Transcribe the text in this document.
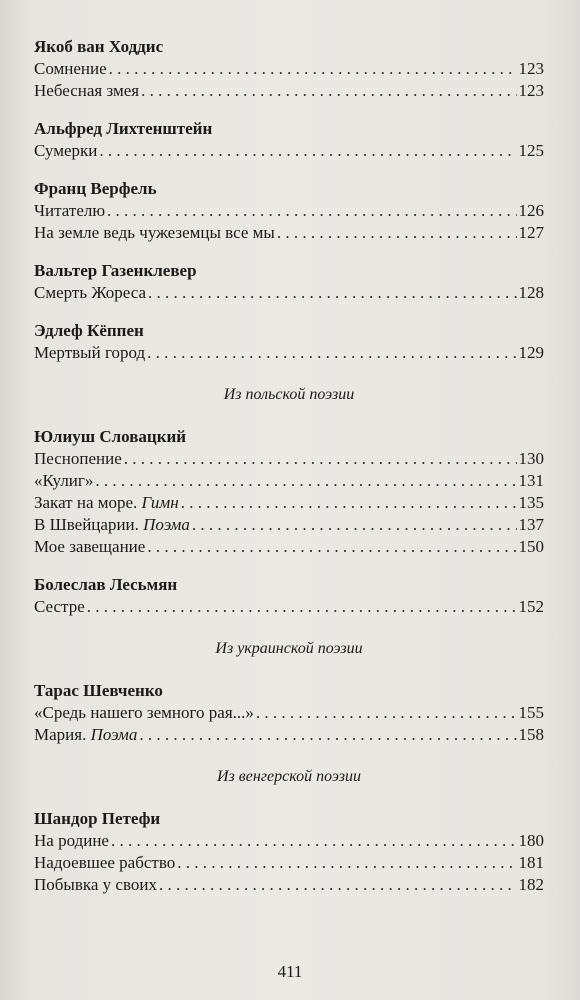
Якоб ван Ходдис
Сомнение . . .	123
Небесная змея . . .	123
Альфред Лихтенштейн
Сумерки . . .	125
Франц Верфель
Читателю . . .	126
На земле ведь чужеземцы все мы . . .	127
Вальтер Газенклевер
Смерть Жореса . . .	128
Эдлеф Кёппен
Мертвый город . . .	129
Из польской поэзии
Юлиуш Словацкий
Песнопение . . .	130
«Кулиг» . . .	131
Закат на море. Гимн . . .	135
В Швейцарии. Поэма . . .	137
Мое завещание . . .	150
Болеслав Лесьмян
Сестре . . .	152
Из украинской поэзии
Тарас Шевченко
«Средь нашего земного рая...» . . .	155
Мария. Поэма . . .	158
Из венгерской поэзии
Шандор Петефи
На родине . . .	180
Надоевшее рабство . . .	181
Побывка у своих . . .	182
411
